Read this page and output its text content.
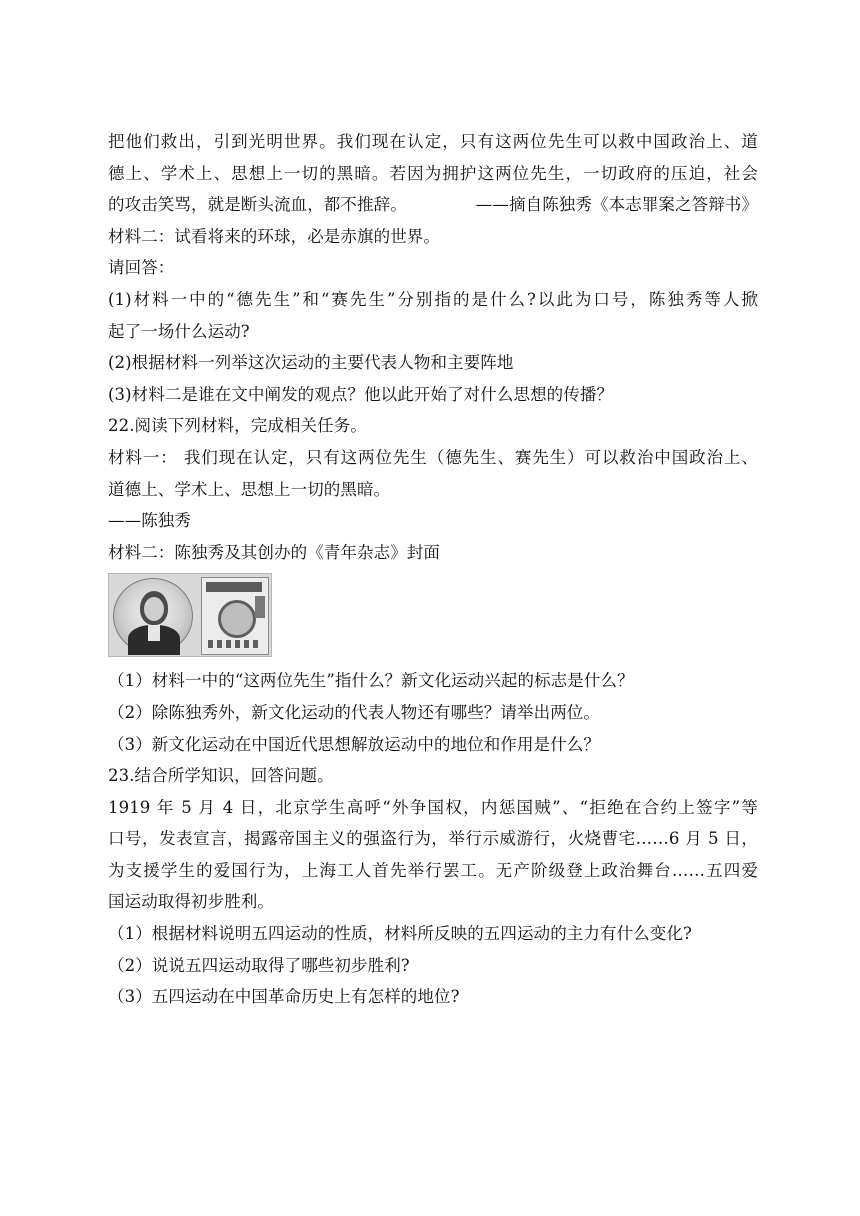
把他们救出，引到光明世界。我们现在认定，只有这两位先生可以救中国政治上、道
德上、学术上、思想上一切的黑暗。若因为拥护这两位先生，一切政府的压迫，社会
的攻击笑骂，就是断头流血，都不推辞。	——摘自陈独秀《本志罪案之答辩书》
材料二：试看将来的环球，必是赤旗的世界。
请回答：
(1)材料一中的“德先生”和“赛先生”分别指的是什么?以此为口号，陈独秀等人掀
起了一场什么运动?
(2)根据材料一列举这次运动的主要代表人物和主要阵地
(3)材料二是谁在文中阐发的观点？他以此开始了对什么思想的传播？
22.阅读下列材料，完成相关任务。
材料一： 我们现在认定，只有这两位先生（德先生、赛先生）可以救治中国政治上、
道德上、学术上、思想上一切的黑暗。
——陈独秀
材料二：陈独秀及其创办的《青年杂志》封面
（1）材料一中的“这两位先生”指什么？新文化运动兴起的标志是什么？
（2）除陈独秀外，新文化运动的代表人物还有哪些？请举出两位。
（3）新文化运动在中国近代思想解放运动中的地位和作用是什么？
23.结合所学知识，回答问题。
1919 年 5 月 4 日，北京学生高呼“外争国权，内惩国贼”、“拒绝在合约上签字”等
口号，发表宣言，揭露帝国主义的强盗行为，举行示威游行，火烧曹宅……6 月 5 日，
为支援学生的爱国行为，上海工人首先举行罢工。无产阶级登上政治舞台……五四爱
国运动取得初步胜利。
（1）根据材料说明五四运动的性质，材料所反映的五四运动的主力有什么变化?
（2）说说五四运动取得了哪些初步胜利?
（3）五四运动在中国革命历史上有怎样的地位?
